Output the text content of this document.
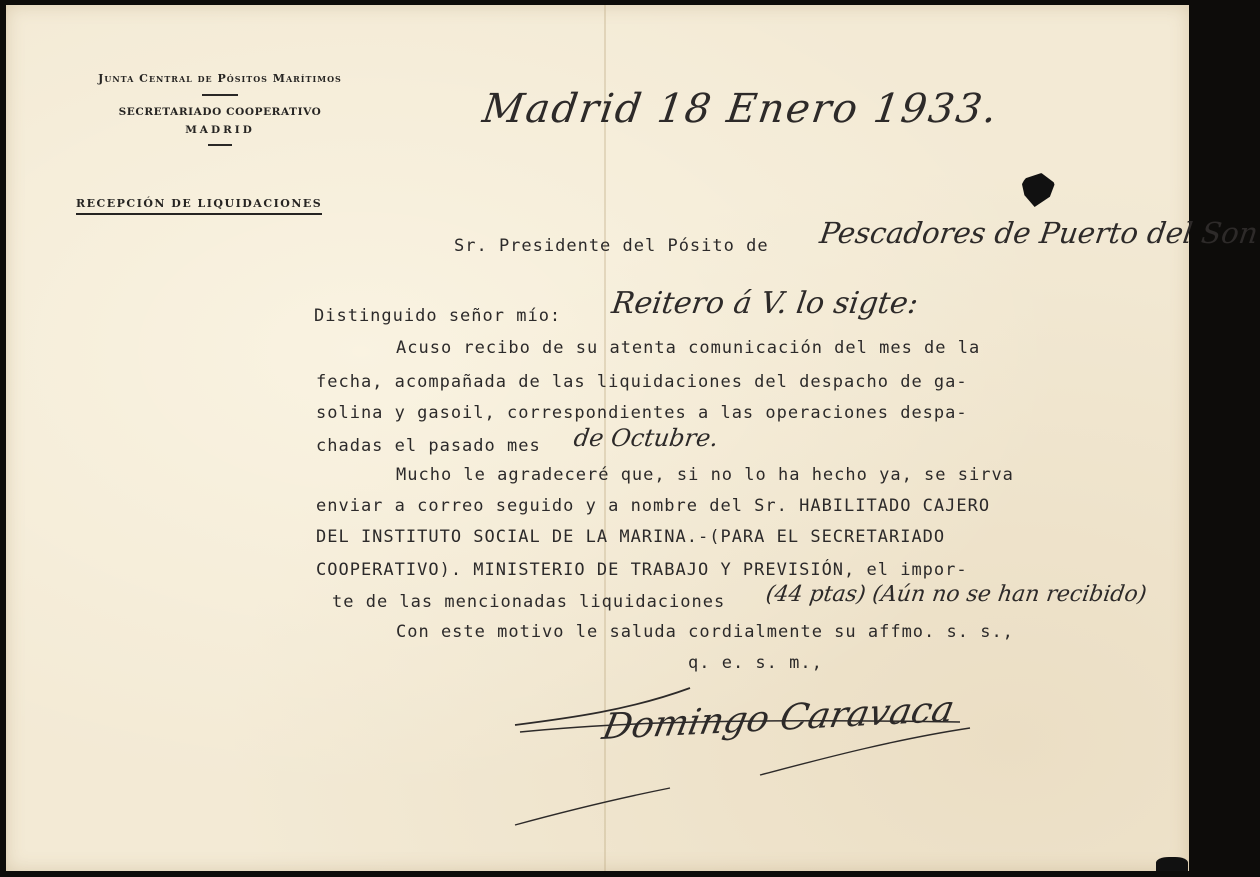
Junta Central de Pósitos Marítimos
SECRETARIADO COOPERATIVO
MADRID
RECEPCIÓN DE LIQUIDACIONES
Madrid 18 Enero 1933.
Sr. Presidente del Pósito de Pescadores de Puerto del Son
Distinguido señor mío: Reitero á V. lo sigte:
Acuso recibo de su atenta comunicación del mes de la
fecha, acompañada de las liquidaciones del despacho de ga-
solina y gasoil, correspondientes a las operaciones despa-
chadas el pasado mes de Octubre.
Mucho le agradeceré que, si no lo ha hecho ya, se sirva
enviar a correo seguido y a nombre del Sr. HABILITADO CAJERO
DEL INSTITUTO SOCIAL DE LA MARINA.-(PARA EL SECRETARIADO
COOPERATIVO). MINISTERIO DE TRABAJO Y PREVISIÓN, el impor-
te de las mencionadas liquidaciones (44 ptas) (Aún no se han recibido)
Con este motivo le saluda cordialmente su affmo. s. s.,
q. e. s. m.,
Domingo Caravaca
